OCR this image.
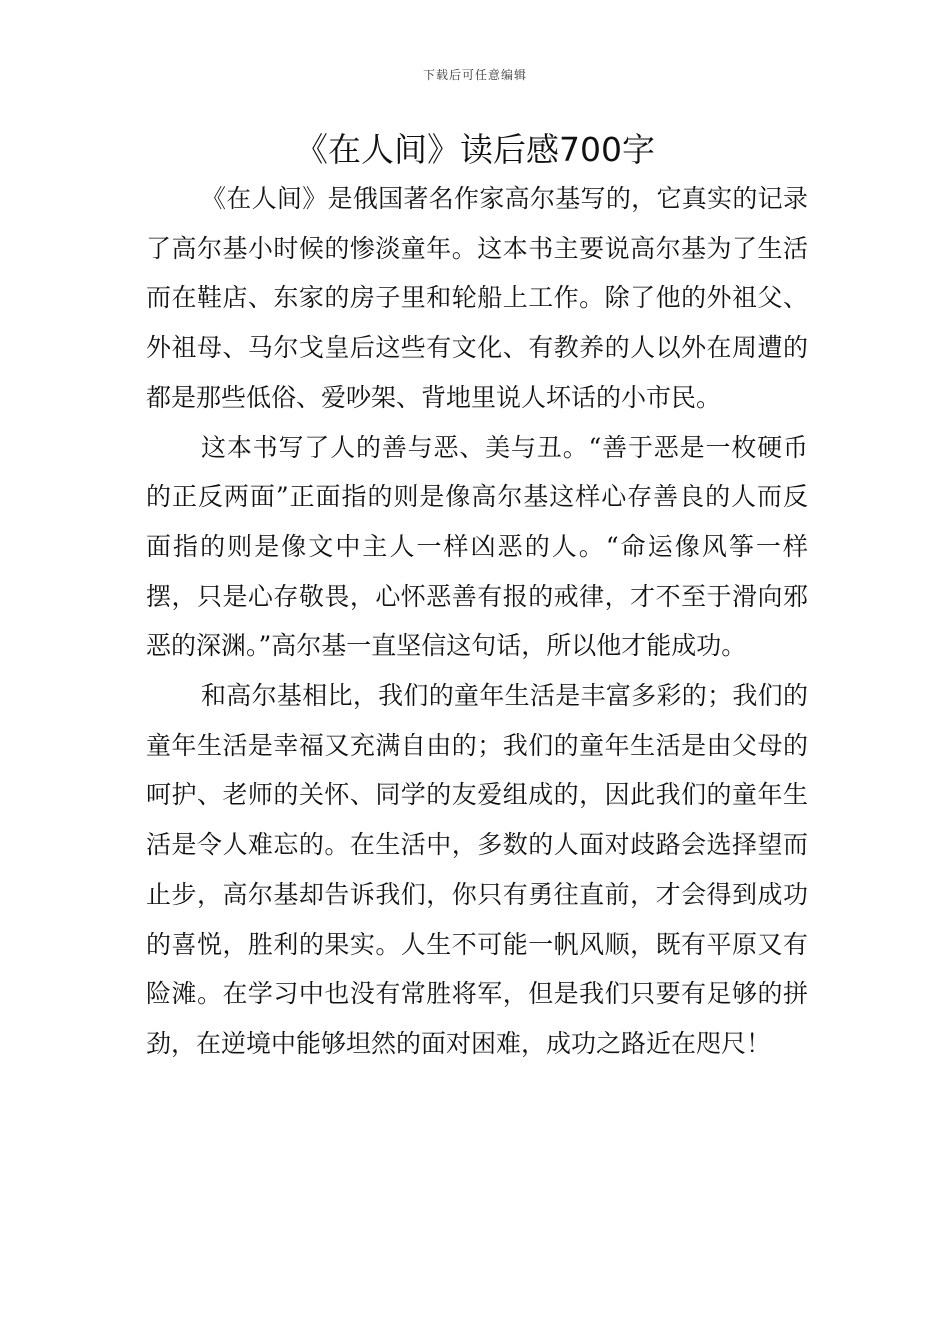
下载后可任意编辑
《在人间》读后感700字

《在人间》是俄国著名作家高尔基写的，它真实的记录了高尔基小时候的惨淡童年。这本书主要说高尔基为了生活而在鞋店、东家的房子里和轮船上工作。除了他的外祖父、外祖母、马尔戈皇后这些有文化、有教养的人以外在周遭的都是那些低俗、爱吵架、背地里说人坏话的小市民。

这本书写了人的善与恶、美与丑。“善于恶是一枚硬币的正反两面”正面指的则是像高尔基这样心存善良的人而反面指的则是像文中主人一样凶恶的人。“命运像风筝一样摆，只是心存敬畏，心怀恶善有报的戒律，才不至于滑向邪恶的深渊。”高尔基一直坚信这句话，所以他才能成功。

和高尔基相比，我们的童年生活是丰富多彩的；我们的童年生活是幸福又充满自由的；我们的童年生活是由父母的呵护、老师的关怀、同学的友爱组成的，因此我们的童年生活是令人难忘的。在生活中，多数的人面对歧路会选择望而止步，高尔基却告诉我们，你只有勇往直前，才会得到成功的喜悦，胜利的果实。人生不可能一帆风顺，既有平原又有险滩。在学习中也没有常胜将军，但是我们只要有足够的拼劲，在逆境中能够坦然的面对困难，成功之路近在咫尺！
